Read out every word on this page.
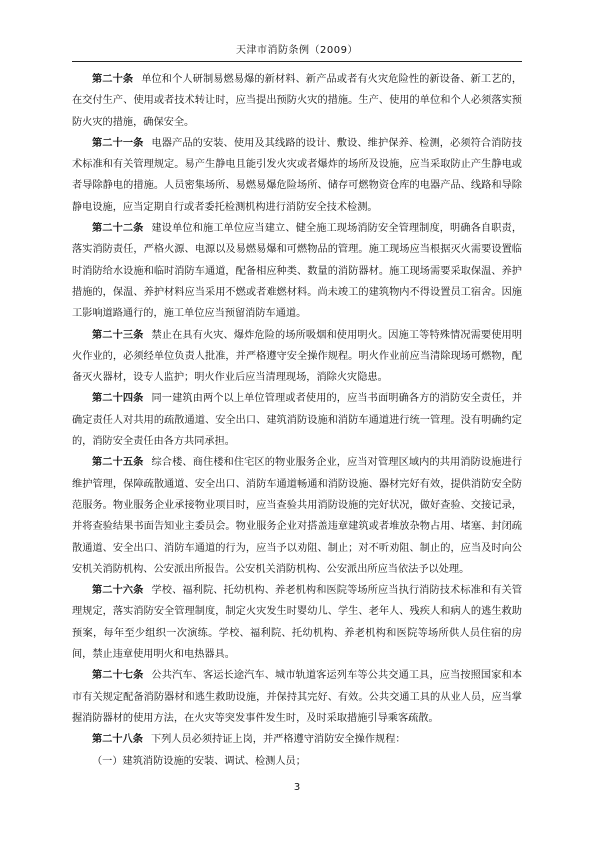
天津市消防条例（2009）

第二十条 单位和个人研制易燃易爆的新材料、新产品或者有火灾危险性的新设备、新工艺的，在交付生产、使用或者技术转让时，应当提出预防火灾的措施。生产、使用的单位和个人必须落实预防火灾的措施，确保安全。

第二十一条 电器产品的安装、使用及其线路的设计、敷设、维护保养、检测，必须符合消防技术标准和有关管理规定。易产生静电且能引发火灾或者爆炸的场所及设施，应当采取防止产生静电或者导除静电的措施。人员密集场所、易燃易爆危险场所、储存可燃物资仓库的电器产品、线路和导除静电设施，应当定期自行或者委托检测机构进行消防安全技术检测。

第二十二条 建设单位和施工单位应当建立、健全施工现场消防安全管理制度，明确各自职责，落实消防责任，严格火源、电源以及易燃易爆和可燃物品的管理。施工现场应当根据灭火需要设置临时消防给水设施和临时消防车通道，配备相应种类、数量的消防器材。施工现场需要采取保温、养护措施的，保温、养护材料应当采用不燃或者难燃材料。尚未竣工的建筑物内不得设置员工宿舍。因施工影响道路通行的，施工单位应当预留消防车通道。

第二十三条 禁止在具有火灾、爆炸危险的场所吸烟和使用明火。因施工等特殊情况需要使用明火作业的，必须经单位负责人批准，并严格遵守安全操作规程。明火作业前应当清除现场可燃物，配备灭火器材，设专人监护；明火作业后应当清理现场，消除火灾隐患。

第二十四条 同一建筑由两个以上单位管理或者使用的，应当书面明确各方的消防安全责任，并确定责任人对共用的疏散通道、安全出口、建筑消防设施和消防车通道进行统一管理。没有明确约定的，消防安全责任由各方共同承担。

第二十五条 综合楼、商住楼和住宅区的物业服务企业，应当对管理区域内的共用消防设施进行维护管理，保障疏散通道、安全出口、消防车通道畅通和消防设施、器材完好有效，提供消防安全防范服务。物业服务企业承接物业项目时，应当查验共用消防设施的完好状况，做好查验、交接记录，并将查验结果书面告知业主委员会。物业服务企业对搭盖违章建筑或者堆放杂物占用、堵塞、封闭疏散通道、安全出口、消防车通道的行为，应当予以劝阻、制止；对不听劝阻、制止的，应当及时向公安机关消防机构、公安派出所报告。公安机关消防机构、公安派出所应当依法予以处理。

第二十六条 学校、福利院、托幼机构、养老机构和医院等场所应当执行消防技术标准和有关管理规定，落实消防安全管理制度，制定火灾发生时婴幼儿、学生、老年人、残疾人和病人的逃生救助预案，每年至少组织一次演练。学校、福利院、托幼机构、养老机构和医院等场所供人员住宿的房间，禁止违章使用明火和电热器具。

第二十七条 公共汽车、客运长途汽车、城市轨道客运列车等公共交通工具，应当按照国家和本市有关规定配备消防器材和逃生救助设施，并保持其完好、有效。公共交通工具的从业人员，应当掌握消防器材的使用方法，在火灾等突发事件发生时，及时采取措施引导乘客疏散。

第二十八条 下列人员必须持证上岗，并严格遵守消防安全操作规程：

（一）建筑消防设施的安装、调试、检测人员；

3
